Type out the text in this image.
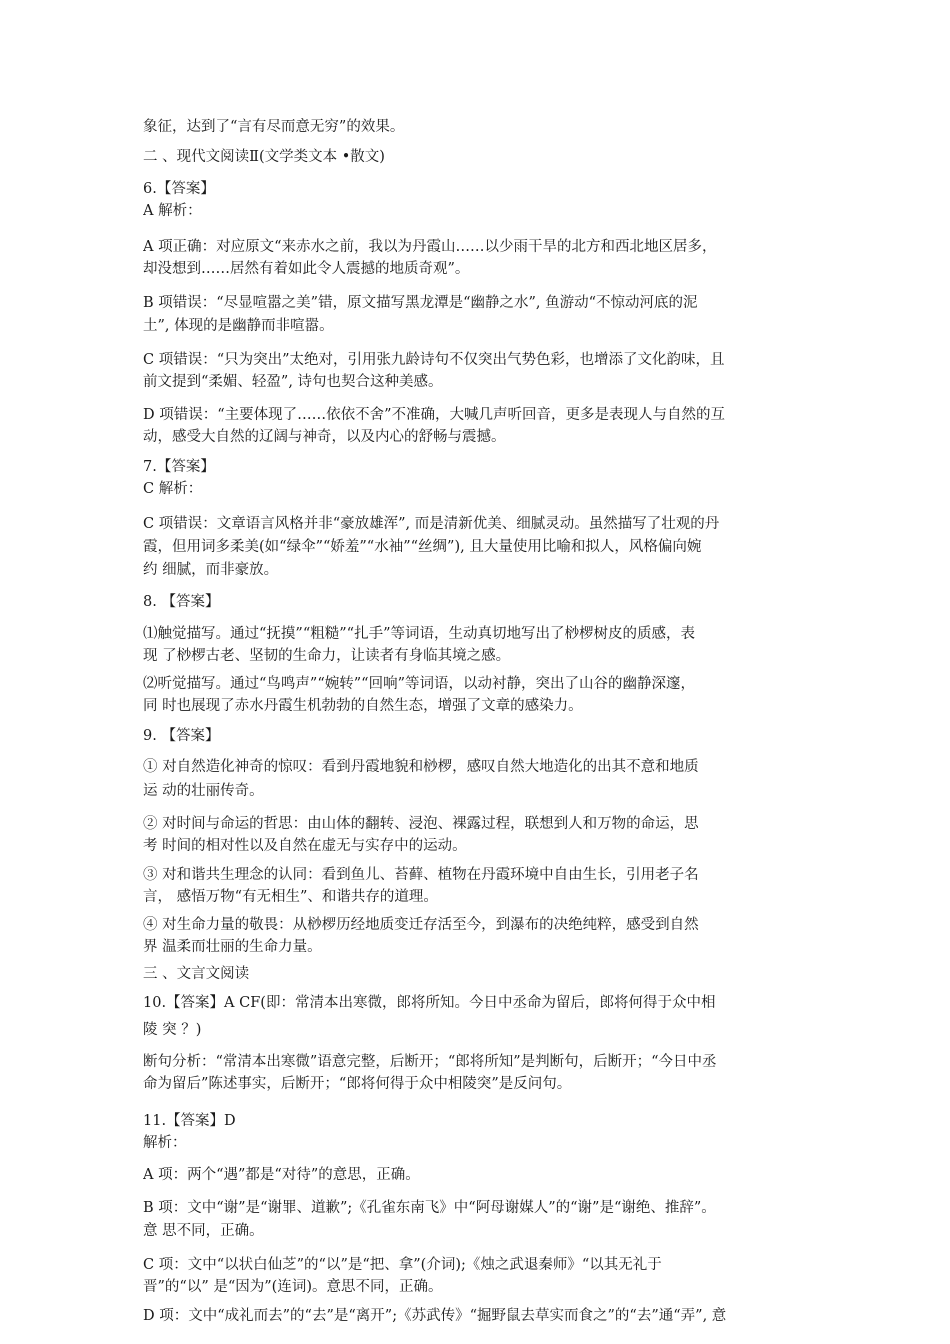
象征，达到了“言有尽而意无穷”的效果。
二 、现代文阅读Ⅱ(文学类文本 •散文)
6.【答案】
A 解析：
A 项正确：对应原文“来赤水之前，我以为丹霞山……以少雨干旱的北方和西北地区居多，
却没想到……居然有着如此令人震撼的地质奇观”。
B 项错误：“尽显喧嚣之美”错，原文描写黑龙潭是“幽静之水”, 鱼游动“不惊动河底的泥
土”, 体现的是幽静而非喧嚣。
C 项错误：“只为突出”太绝对，引用张九龄诗句不仅突出气势色彩，也增添了文化韵味，且
前文提到“柔媚、轻盈”, 诗句也契合这种美感。
D 项错误：“主要体现了……依依不舍”不准确，大喊几声听回音，更多是表现人与自然的互
动，感受大自然的辽阔与神奇，以及内心的舒畅与震撼。
7.【答案】
C 解析：
C 项错误：文章语言风格并非“豪放雄浑”, 而是清新优美、细腻灵动。虽然描写了壮观的丹
霞，但用词多柔美(如“绿伞”“娇羞”“水袖”“丝绸”), 且大量使用比喻和拟人，风格偏向婉
约 细腻，而非豪放。
8. 【答案】
⑴触觉描写。通过“抚摸”“粗糙”“扎手”等词语，生动真切地写出了桫椤树皮的质感，表
现 了桫椤古老、坚韧的生命力，让读者有身临其境之感。
⑵听觉描写。通过“鸟鸣声”“婉转”“回响”等词语，以动衬静，突出了山谷的幽静深邃，
同 时也展现了赤水丹霞生机勃勃的自然生态，增强了文章的感染力。
9. 【答案】
① 对自然造化神奇的惊叹：看到丹霞地貌和桫椤，感叹自然大地造化的出其不意和地质
运 动的壮丽传奇。
② 对时间与命运的哲思：由山体的翻转、浸泡、裸露过程，联想到人和万物的命运，思
考 时间的相对性以及自然在虚无与实存中的运动。
③ 对和谐共生理念的认同：看到鱼儿、苔藓、植物在丹霞环境中自由生长，引用老子名
言， 感悟万物“有无相生”、和谐共存的道理。
④ 对生命力量的敬畏：从桫椤历经地质变迁存活至今，到瀑布的决绝纯粹，感受到自然
界 温柔而壮丽的生命力量。
三 、文言文阅读
10.【答案】A CF(即：常清本出寒微，郎将所知。今日中丞命为留后，郎将何得于众中相
陵 突 ？)
断句分析：“常清本出寒微”语意完整，后断开；“郎将所知”是判断句，后断开；“今日中丞
命为留后”陈述事实，后断开；“郎将何得于众中相陵突”是反问句。
11.【答案】D
解析：
A 项：两个“遇”都是“对待”的意思，正确。
B 项：文中“谢”是“谢罪、道歉”;《孔雀东南飞》中“阿母谢媒人”的“谢”是“谢绝、推辞”。
意 思不同，正确。
C 项：文中“以状白仙芝”的“以”是“把、拿”(介词);《烛之武退秦师》“以其无礼于
晋”的“以” 是“因为”(连词)。意思不同，正确。
D 项：文中“成礼而去”的“去”是“离开”;《苏武传》“掘野鼠去草实而食之”的“去”通“弄”, 意
